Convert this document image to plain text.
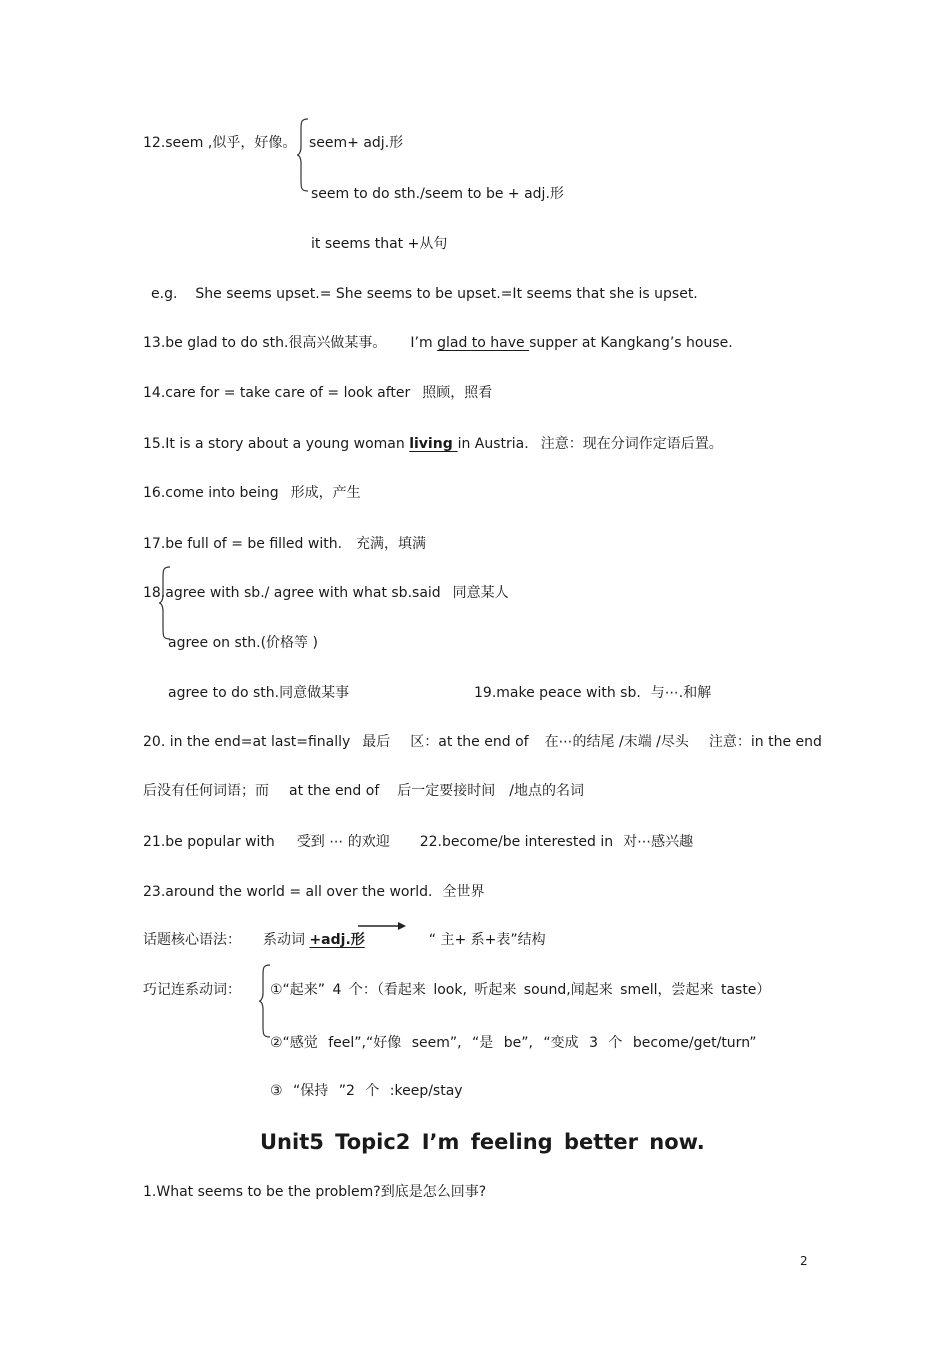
12.seem ,似乎，好像。 seem+ adj.形
seem to do sth./seem to be + adj.形
it seems that +从句
e.g. She seems upset.= She seems to be upset.=It seems that she is upset.
13.be glad to do sth.很高兴做某事。 I’m glad to have supper at Kangkang’s house.
14.care for = take care of = look after 照顾，照看
15.It is a story about a young woman living in Austria. 注意：现在分词作定语后置。
16.come into being 形成，产生
17.be full of = be filled with. 充满，填满
18.agree with sb./ agree with what sb.said 同意某人
agree on sth.(价格等 )
agree to do sth.同意做某事	19.make peace with sb. 与⋯.和解
20. in the end=at last=finally 最后 区：at the end of 在⋯的结尾 /末端 /尽头 注意：in the end
后没有任何词语；而 at the end of 后一定要接时间 /地点的名词
21.be popular with 受到 ⋯ 的欢迎 22.become/be interested in 对⋯感兴趣
23.around the world = all over the world. 全世界
话题核心语法： 系动词 +adj.形	“ 主+ 系+表”结构
巧记连系动词： ①“起来” 4 个：（看起来 look, 听起来 sound,闻起来 smell，尝起来 taste）
②“感觉 feel”,“好像 seem”, “是 be”, “变成 3 个 become/get/turn”
③ “保持 ”2 个 :keep/stay
Unit5 Topic2 I’m feeling better now.
1.What seems to be the problem?到底是怎么回事?
2
